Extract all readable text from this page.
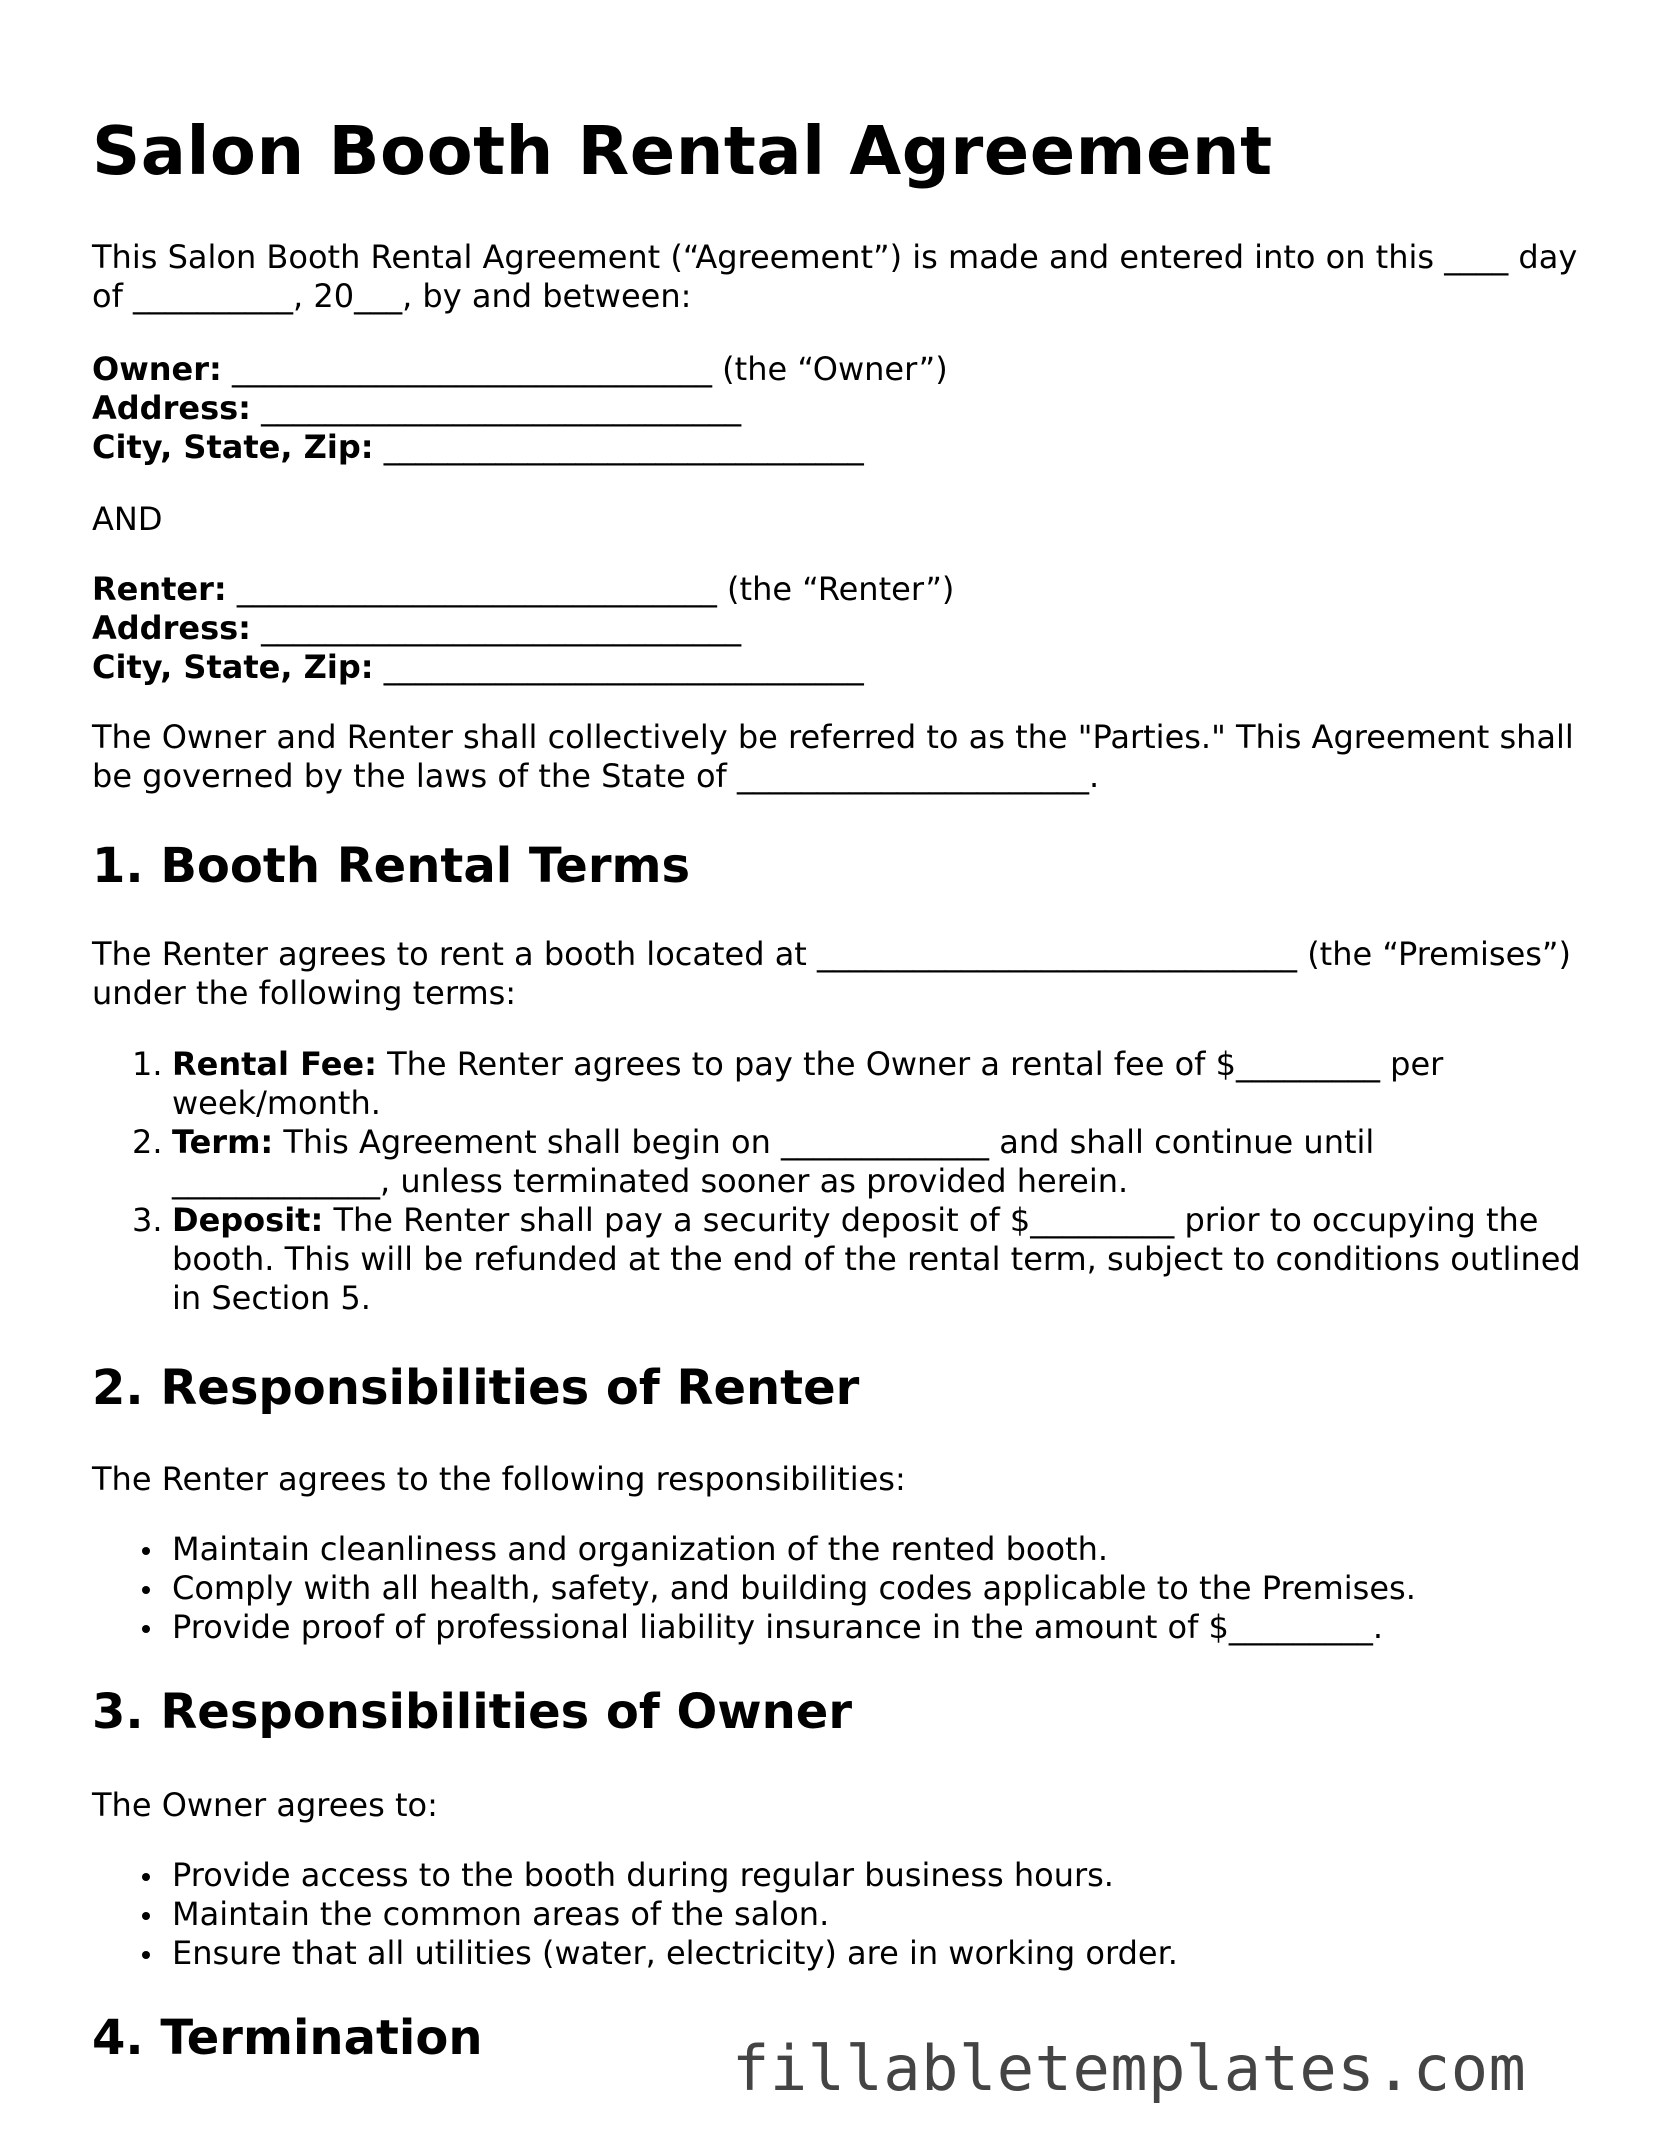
Salon Booth Rental Agreement

This Salon Booth Rental Agreement (“Agreement”) is made and entered into on this ____ day of __________, 20___, by and between:

Owner: ______________________________ (the “Owner”)
Address: ______________________________
City, State, Zip: ______________________________

AND

Renter: ______________________________ (the “Renter”)
Address: ______________________________
City, State, Zip: ______________________________

The Owner and Renter shall collectively be referred to as the "Parties." This Agreement shall be governed by the laws of the State of ______________________.

1. Booth Rental Terms

The Renter agrees to rent a booth located at ______________________________ (the “Premises”) under the following terms:

1. Rental Fee: The Renter agrees to pay the Owner a rental fee of $_________ per week/month.
2. Term: This Agreement shall begin on _____________ and shall continue until _____________, unless terminated sooner as provided herein.
3. Deposit: The Renter shall pay a security deposit of $_________ prior to occupying the booth. This will be refunded at the end of the rental term, subject to conditions outlined in Section 5.
2. Responsibilities of Renter

The Renter agrees to the following responsibilities:

Maintain cleanliness and organization of the rented booth.
Comply with all health, safety, and building codes applicable to the Premises.
Provide proof of professional liability insurance in the amount of $_________.
3. Responsibilities of Owner

The Owner agrees to:

Provide access to the booth during regular business hours.
Maintain the common areas of the salon.
Ensure that all utilities (water, electricity) are in working order.
4. Termination	fillabletemplates.com
